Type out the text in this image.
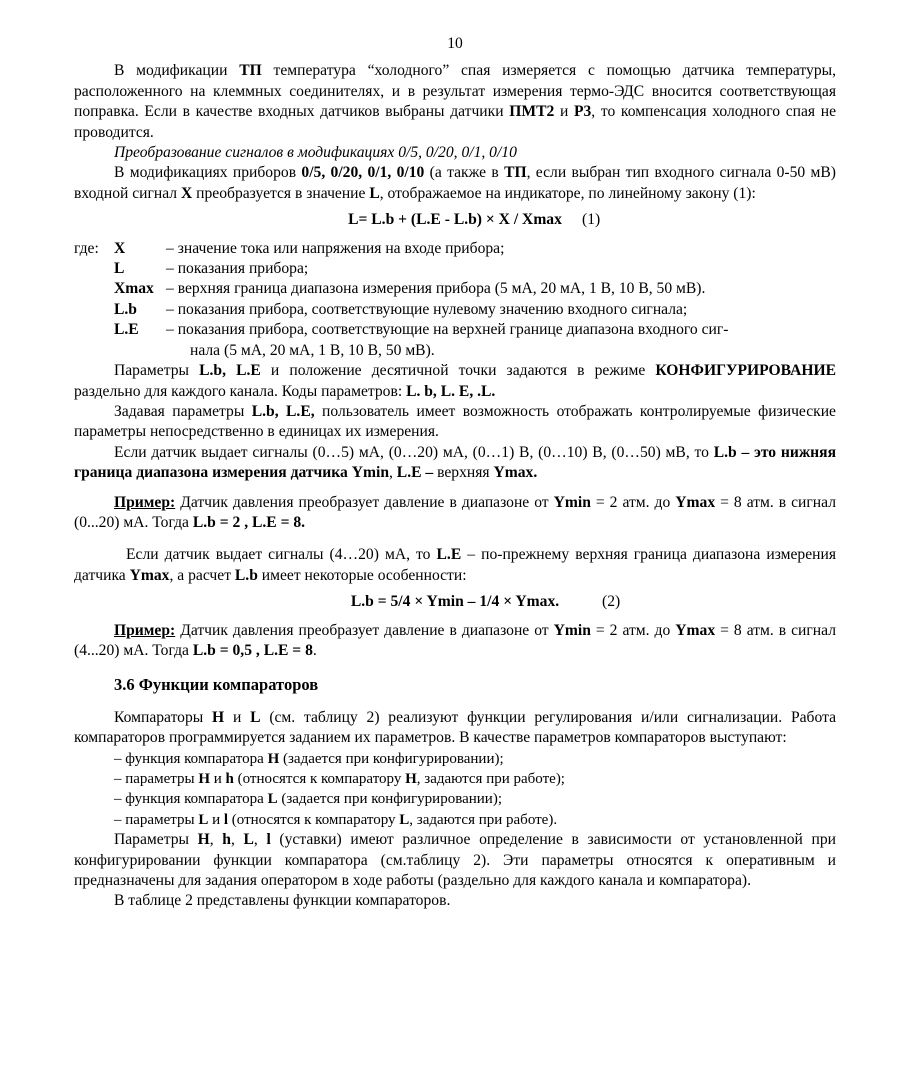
10

В модификации ТП температура “холодного” спая измеряется с помощью датчика температуры, расположенного на клеммных соединителях, и в результат измерения термо-ЭДС вносится соответствующая поправка. Если в качестве входных датчиков выбраны датчики ПМТ2 и Р3, то компенсация холодного спая не проводится.

Преобразование сигналов в модификациях 0/5, 0/20, 0/1, 0/10

В модификациях приборов 0/5, 0/20, 0/1, 0/10 (а также в ТП, если выбран тип входного сигнала 0-50 мВ) входной сигнал X преобразуется в значение L, отображаемое на индикаторе, по линейному закону (1):

L= L.b + (L.E - L.b) × X / Xmax (1)
где: X	– значение тока или напряжения на входе прибора;
L	– показания прибора;
Xmax – верхняя граница диапазона измерения прибора (5 мА, 20 мА, 1 В, 10 В, 50 мВ).
L.b	– показания прибора, соответствующие нулевому значению входного сигнала;
L.E	– показания прибора, соответствующие на верхней границе диапазона входного сиг-
нала (5 мА, 20 мА, 1 В, 10 В, 50 мВ).

Параметры L.b, L.E и положение десятичной точки задаются в режиме КОНФИГУРИРОВАНИЕ раздельно для каждого канала. Коды параметров: L. b, L. E, .L.

Задавая параметры L.b, L.E, пользователь имеет возможность отображать контролируемые физические параметры непосредственно в единицах их измерения.

Если датчик выдает сигналы (0…5) мА, (0…20) мА, (0…1) В, (0…10) В, (0…50) мВ, то L.b – это нижняя граница диапазона измерения датчика Ymin, L.E – верхняя Ymax.

Пример: Датчик давления преобразует давление в диапазоне от Ymin = 2 атм. до Ymax = 8 атм. в сигнал (0...20) мА. Тогда L.b = 2 , L.E = 8.

Если датчик выдает сигналы (4…20) мА, то L.E – по-прежнему верхняя граница диапазона измерения датчика Ymax, а расчет L.b имеет некоторые особенности:

L.b = 5/4 × Ymin – 1/4 × Ymax.	(2)

Пример: Датчик давления преобразует давление в диапазоне от Ymin = 2 атм. до Ymax = 8 атм. в сигнал (4...20) мА. Тогда L.b = 0,5 , L.E = 8.

3.6 Функции компараторов

Компараторы H и L (см. таблицу 2) реализуют функции регулирования и/или сигнализации. Работа компараторов программируется заданием их параметров. В качестве параметров компараторов выступают:

– функция компаратора H (задается при конфигурировании);
– параметры H и h (относятся к компаратору H, задаются при работе);
– функция компаратора L (задается при конфигурировании);
– параметры L и l (относятся к компаратору L, задаются при работе).

Параметры H, h, L, l (уставки) имеют различное определение в зависимости от установленной при конфигурировании функции компаратора (см.таблицу 2). Эти параметры относятся к оперативным и предназначены для задания оператором в ходе работы (раздельно для каждого канала и компаратора).

В таблице 2 представлены функции компараторов.
